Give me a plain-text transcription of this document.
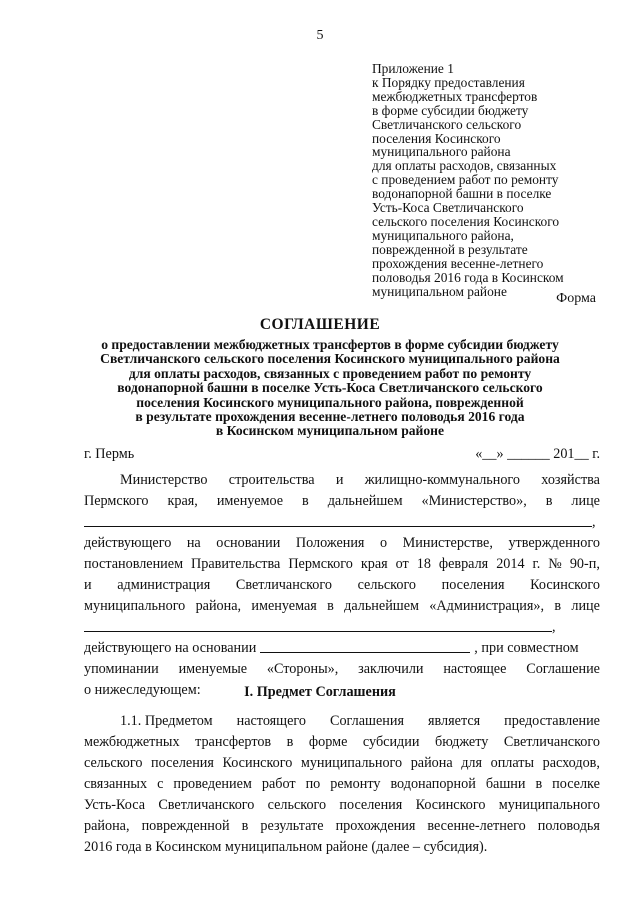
5
Приложение 1
к Порядку предоставления
межбюджетных трансфертов
в форме субсидии бюджету
Светличанского сельского
поселения Косинского
муниципального района
для оплаты расходов, связанных
с проведением работ по ремонту
водонапорной башни в поселке
Усть-Коса Светличанского
сельского поселения Косинского
муниципального района,
поврежденной в результате
прохождения весенне-летнего
половодья 2016 года в Косинском
муниципальном районе	Форма
СОГЛАШЕНИЕ
о предоставлении межбюджетных трансфертов в форме субсидии бюджету
Светличанского сельского поселения Косинского муниципального района
для оплаты расходов, связанных с проведением работ по ремонту
водонапорной башни в поселке Усть-Коса Светличанского сельского
поселения Косинского муниципального района, поврежденной
в результате прохождения весенне-летнего половодья 2016 года
в Косинском муниципальном районе
г. Пермь	«__» ______ 201__ г.
Министерство строительства и жилищно-коммунального хозяйства
Пермского края, именуемое в дальнейшем «Министерство», в лице
,
действующего на основании Положения о Министерстве, утвержденного
постановлением Правительства Пермского края от 18 февраля 2014 г. № 90-п,
и администрация Светличанского сельского поселения Косинского
муниципального района, именуемая в дальнейшем «Администрация», в лице
,
действующего на основании	, при совместном
упоминании именуемые «Стороны», заключили настоящее Соглашение
о нижеследующем:	I. Предмет Соглашения
1.1. Предметом настоящего Соглашения является предоставление
межбюджетных трансфертов в форме субсидии бюджету Светличанского
сельского поселения Косинского муниципального района для оплаты расходов,
связанных с проведением работ по ремонту водонапорной башни в поселке
Усть-Коса Светличанского сельского поселения Косинского муниципального
района, поврежденной в результате прохождения весенне-летнего половодья
2016 года в Косинском муниципальном районе (далее – субсидия).
